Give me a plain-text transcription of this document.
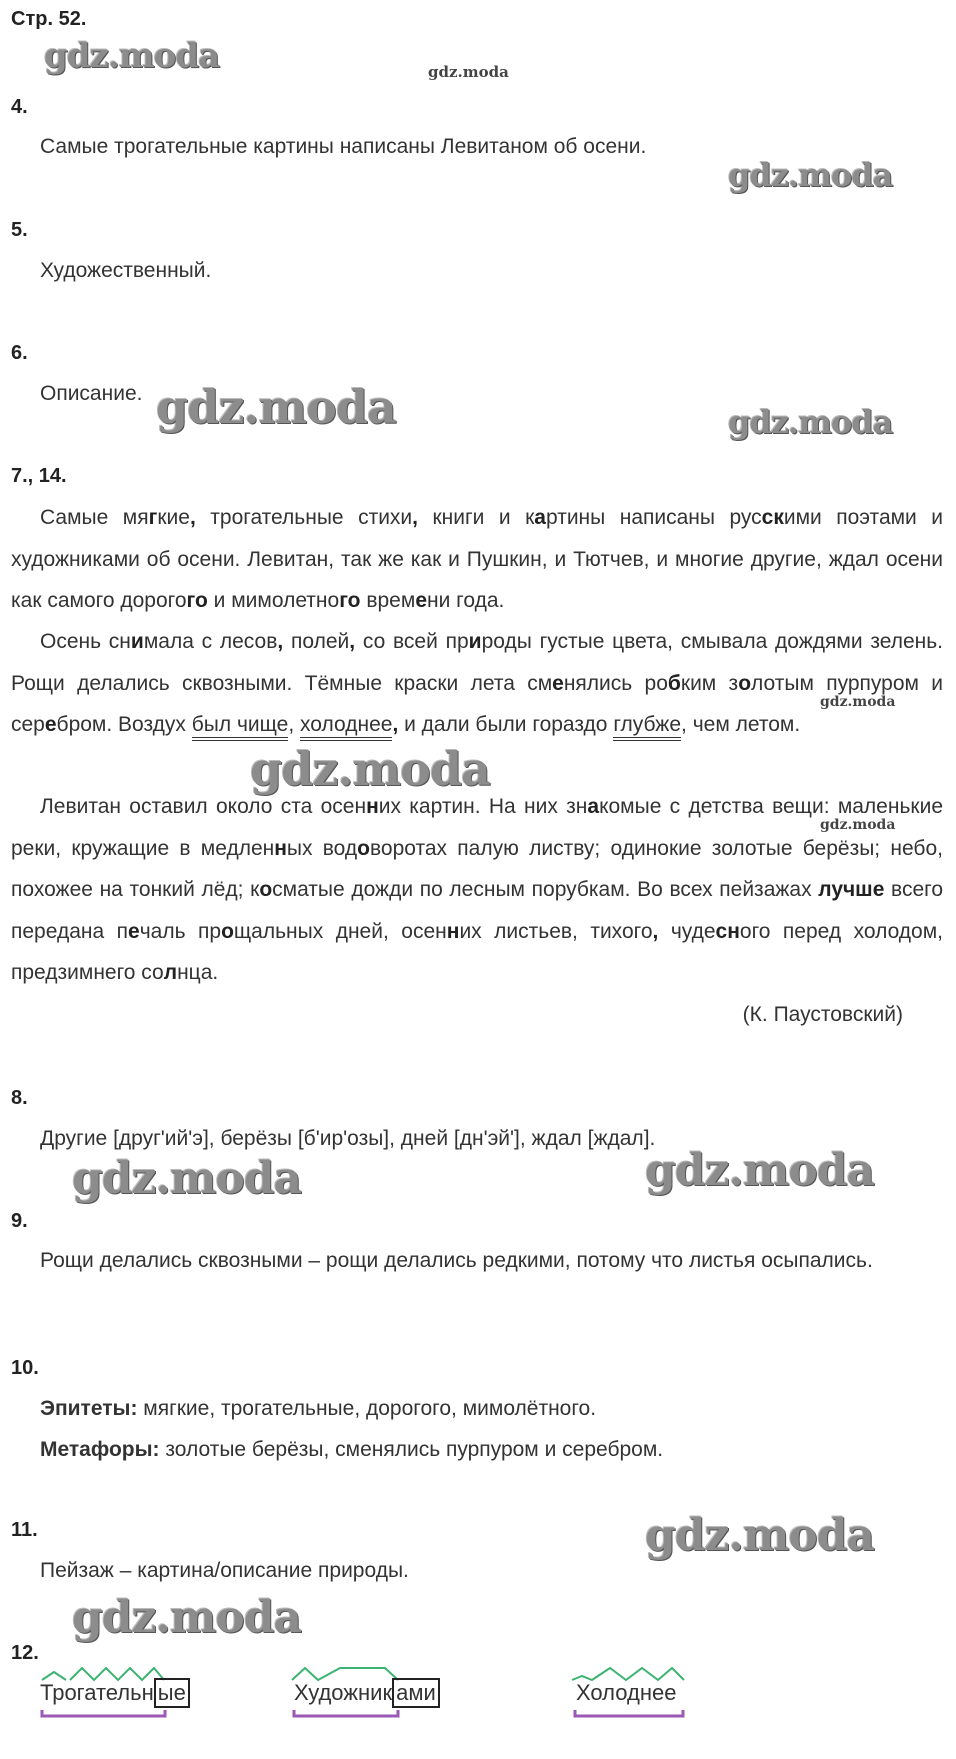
Стр. 52.
gdz.moda	gdz.moda
gdz.moda
gdz.moda	gdz.moda
gdz.moda
gdz.moda
gdz.moda
gdz.moda	gdz.moda
gdz.moda
gdz.moda
4.
Самые трогательные картины написаны Левитаном об осени.
5.
Художественный.
6.
Описание.
7., 14.
Самые мягкие, трогательные стихи, книги и картины написаны русскими поэтами и художниками об осени. Левитан, так же как и Пушкин, и Тютчев, и многие другие, ждал осени как самого дорогого и мимолетного времени года.
Осень снимала с лесов, полей, со всей природы густые цвета, смывала дождями зелень. Рощи делались сквозными. Тёмные краски лета сменялись робким золотым пурпуром и серебром. Воздух был чище, холоднее, и дали были гораздо глубже, чем летом.
Левитан оставил около ста осенних картин. На них знакомые с детства вещи: маленькие реки, кружащие в медленных водоворотах палую листву; одинокие золотые берёзы; небо, похожее на тонкий лёд; косматые дожди по лесным порубкам. Во всех пейзажах лучше всего передана печаль прощальных дней, осенних листьев, тихого, чудесного перед холодом, предзимнего солнца.
(К. Паустовский)
8.
Другие [друг'ий'э], берёзы [б'ир'озы], дней [дн'эй'], ждал [ждал].
9.
Рощи делались сквозными – рощи делались редкими, потому что листья осыпались.
10.
Эпитеты: мягкие, трогательные, дорогого, мимолётного.
Метафоры: золотые берёзы, сменялись пурпуром и серебром.
11.
Пейзаж – картина/описание природы.
12.
Трогательн ые	Художник ами	Холоднее
